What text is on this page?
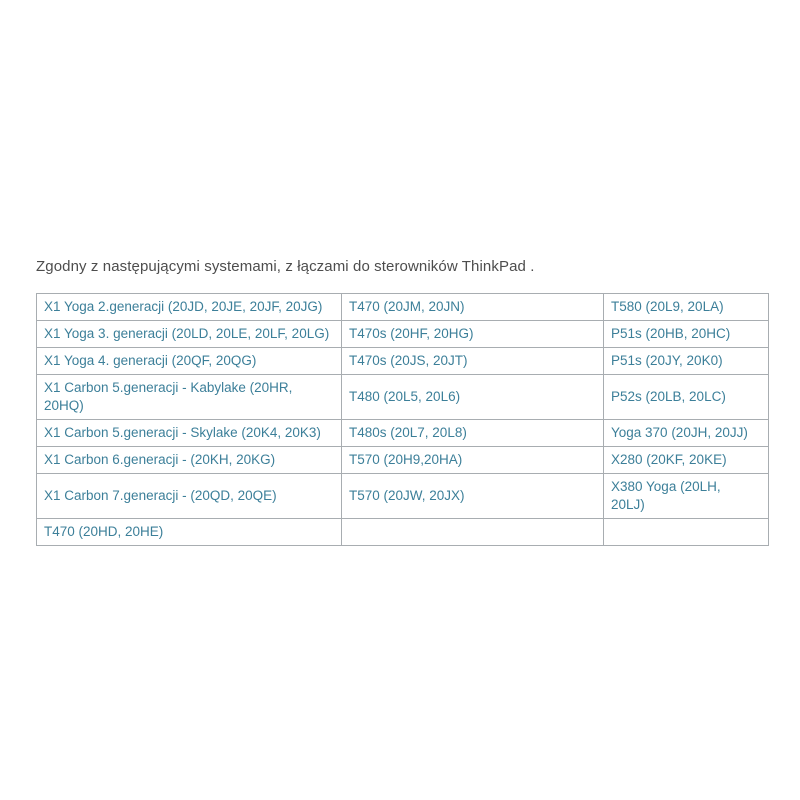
Zgodny z następującymi systemami, z łączami do sterowników ThinkPad .

X1 Yoga 2.generacji (20JD, 20JE, 20JF, 20JG)	T470 (20JM, 20JN)	T580 (20L9, 20LA)
X1 Yoga 3. generacji (20LD, 20LE, 20LF, 20LG)	T470s (20HF, 20HG)	P51s (20HB, 20HC)
X1 Yoga 4. generacji (20QF, 20QG)	T470s (20JS, 20JT)	P51s (20JY, 20K0)
X1 Carbon 5.generacji - Kabylake (20HR,
20HQ)	T480 (20L5, 20L6)	P52s (20LB, 20LC)
X1 Carbon 5.generacji - Skylake (20K4, 20K3)	T480s (20L7, 20L8)	Yoga 370 (20JH, 20JJ)
X1 Carbon 6.generacji - (20KH, 20KG)	T570 (20H9,20HA)	X280 (20KF, 20KE)
X1 Carbon 7.generacji - (20QD, 20QE)	T570 (20JW, 20JX)	X380 Yoga (20LH,
20LJ)
T470 (20HD, 20HE)		
